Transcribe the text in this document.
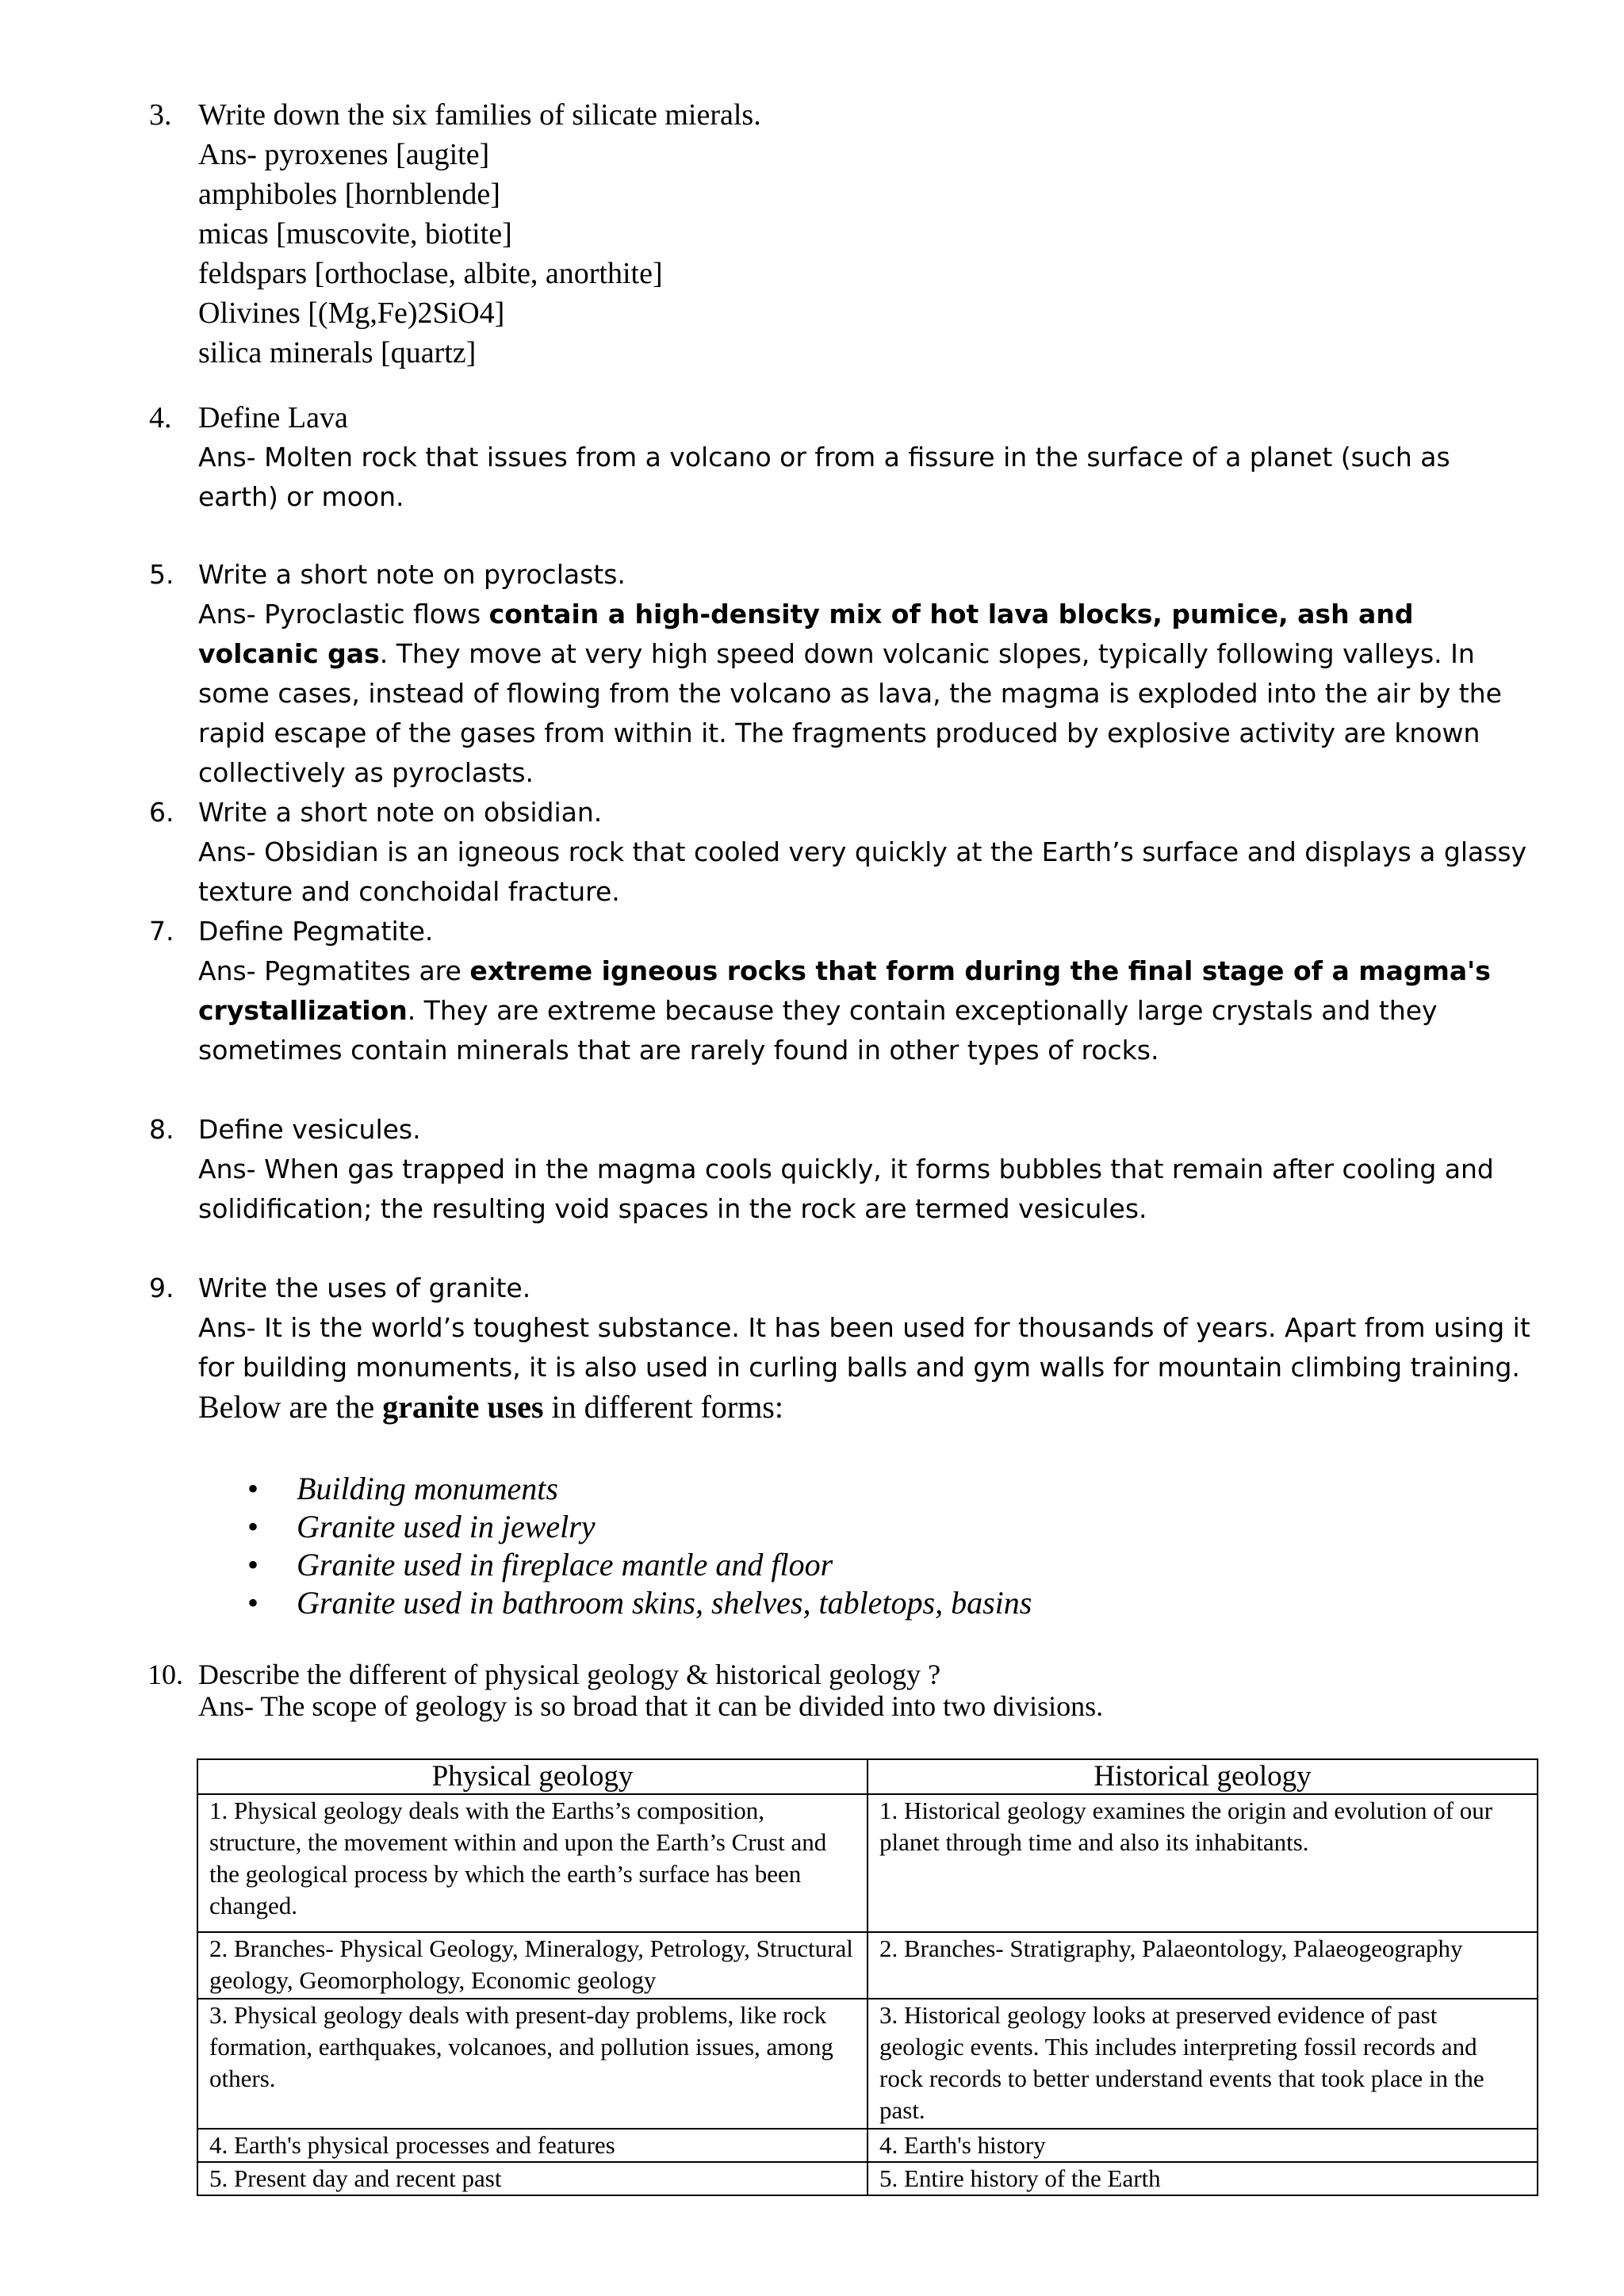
3. Write down the six families of silicate mierals.
Ans- pyroxenes [augite]
amphiboles [hornblende]
micas [muscovite, biotite]
feldspars [orthoclase, albite, anorthite]
Olivines [(Mg,Fe)2SiO4]
silica minerals [quartz]
4. Define Lava
Ans- Molten rock that issues from a volcano or from a fissure in the surface of a planet (such as earth) or moon.
5. Write a short note on pyroclasts.
Ans- Pyroclastic flows contain a high-density mix of hot lava blocks, pumice, ash and volcanic gas. They move at very high speed down volcanic slopes, typically following valleys. In some cases, instead of flowing from the volcano as lava, the magma is exploded into the air by the rapid escape of the gases from within it. The fragments produced by explosive activity are known collectively as pyroclasts.
6. Write a short note on obsidian.
Ans- Obsidian is an igneous rock that cooled very quickly at the Earth’s surface and displays a glassy texture and conchoidal fracture.
7. Define Pegmatite.
Ans- Pegmatites are extreme igneous rocks that form during the final stage of a magma's crystallization. They are extreme because they contain exceptionally large crystals and they sometimes contain minerals that are rarely found in other types of rocks.
8. Define vesicules.
Ans- When gas trapped in the magma cools quickly, it forms bubbles that remain after cooling and solidification; the resulting void spaces in the rock are termed vesicules.
9. Write the uses of granite.
Ans- It is the world’s toughest substance. It has been used for thousands of years. Apart from using it for building monuments, it is also used in curling balls and gym walls for mountain climbing training.
Below are the granite uses in different forms:
• Building monuments
• Granite used in jewelry
• Granite used in fireplace mantle and floor
• Granite used in bathroom skins, shelves, tabletops, basins
10. Describe the different of physical geology & historical geology ?
Ans- The scope of geology is so broad that it can be divided into two divisions.
Physical geology	Historical geology
1. Physical geology deals with the Earths’s composition, structure, the movement within and upon the Earth’s Crust and the geological process by which the earth’s surface has been changed.	1. Historical geology examines the origin and evolution of our planet through time and also its inhabitants.
2. Branches- Physical Geology, Mineralogy, Petrology, Structural geology, Geomorphology, Economic geology	2. Branches- Stratigraphy, Palaeontology, Palaeogeography
3. Physical geology deals with present-day problems, like rock formation, earthquakes, volcanoes, and pollution issues, among others.	3. Historical geology looks at preserved evidence of past geologic events. This includes interpreting fossil records and rock records to better understand events that took place in the past.
4. Earth's physical processes and features	4. Earth's history
5. Present day and recent past	5. Entire history of the Earth
